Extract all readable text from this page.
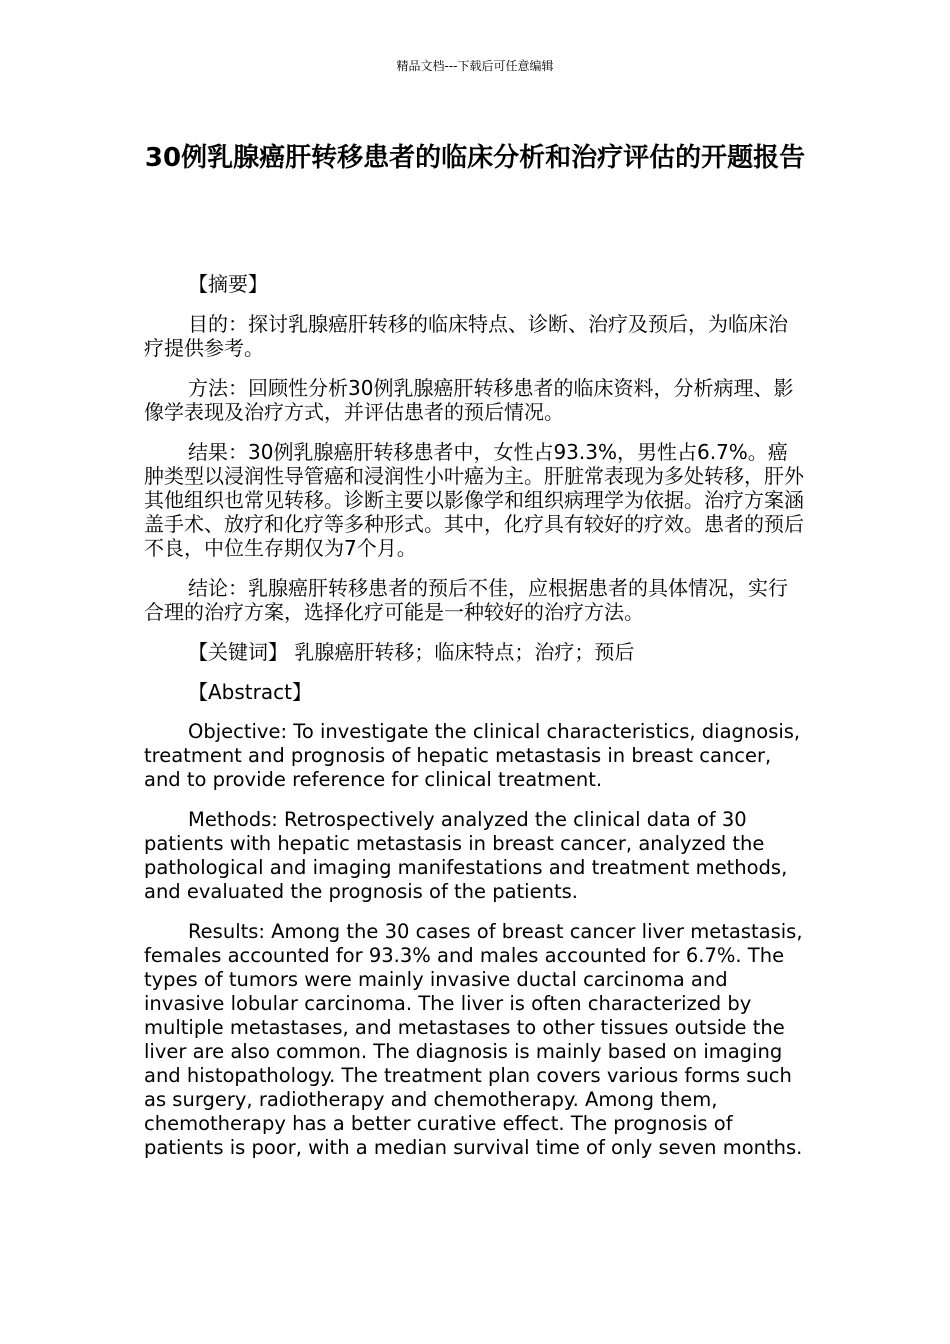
精品文档---下载后可任意编辑
30例乳腺癌肝转移患者的临床分析和治疗评估的开题报告

【摘要】

目的：探讨乳腺癌肝转移的临床特点、诊断、治疗及预后，为临床治疗提供参考。

方法：回顾性分析30例乳腺癌肝转移患者的临床资料，分析病理、影像学表现及治疗方式，并评估患者的预后情况。

结果：30例乳腺癌肝转移患者中，女性占93.3%，男性占6.7%。癌肿类型以浸润性导管癌和浸润性小叶癌为主。肝脏常表现为多处转移，肝外其他组织也常见转移。诊断主要以影像学和组织病理学为依据。治疗方案涵盖手术、放疗和化疗等多种形式。其中，化疗具有较好的疗效。患者的预后不良，中位生存期仅为7个月。

结论：乳腺癌肝转移患者的预后不佳，应根据患者的具体情况，实行合理的治疗方案，选择化疗可能是一种较好的治疗方法。

【关键词】 乳腺癌肝转移；临床特点；治疗；预后

【Abstract】

Objective: To investigate the clinical characteristics, diagnosis, treatment and prognosis of hepatic metastasis in breast cancer, and to provide reference for clinical treatment.

Methods: Retrospectively analyzed the clinical data of 30 patients with hepatic metastasis in breast cancer, analyzed the pathological and imaging manifestations and treatment methods, and evaluated the prognosis of the patients.

Results: Among the 30 cases of breast cancer liver metastasis, females accounted for 93.3% and males accounted for 6.7%. The types of tumors were mainly invasive ductal carcinoma and invasive lobular carcinoma. The liver is often characterized by multiple metastases, and metastases to other tissues outside the liver are also common. The diagnosis is mainly based on imaging and histopathology. The treatment plan covers various forms such as surgery, radiotherapy and chemotherapy. Among them, chemotherapy has a better curative effect. The prognosis of patients is poor, with a median survival time of only seven months.
